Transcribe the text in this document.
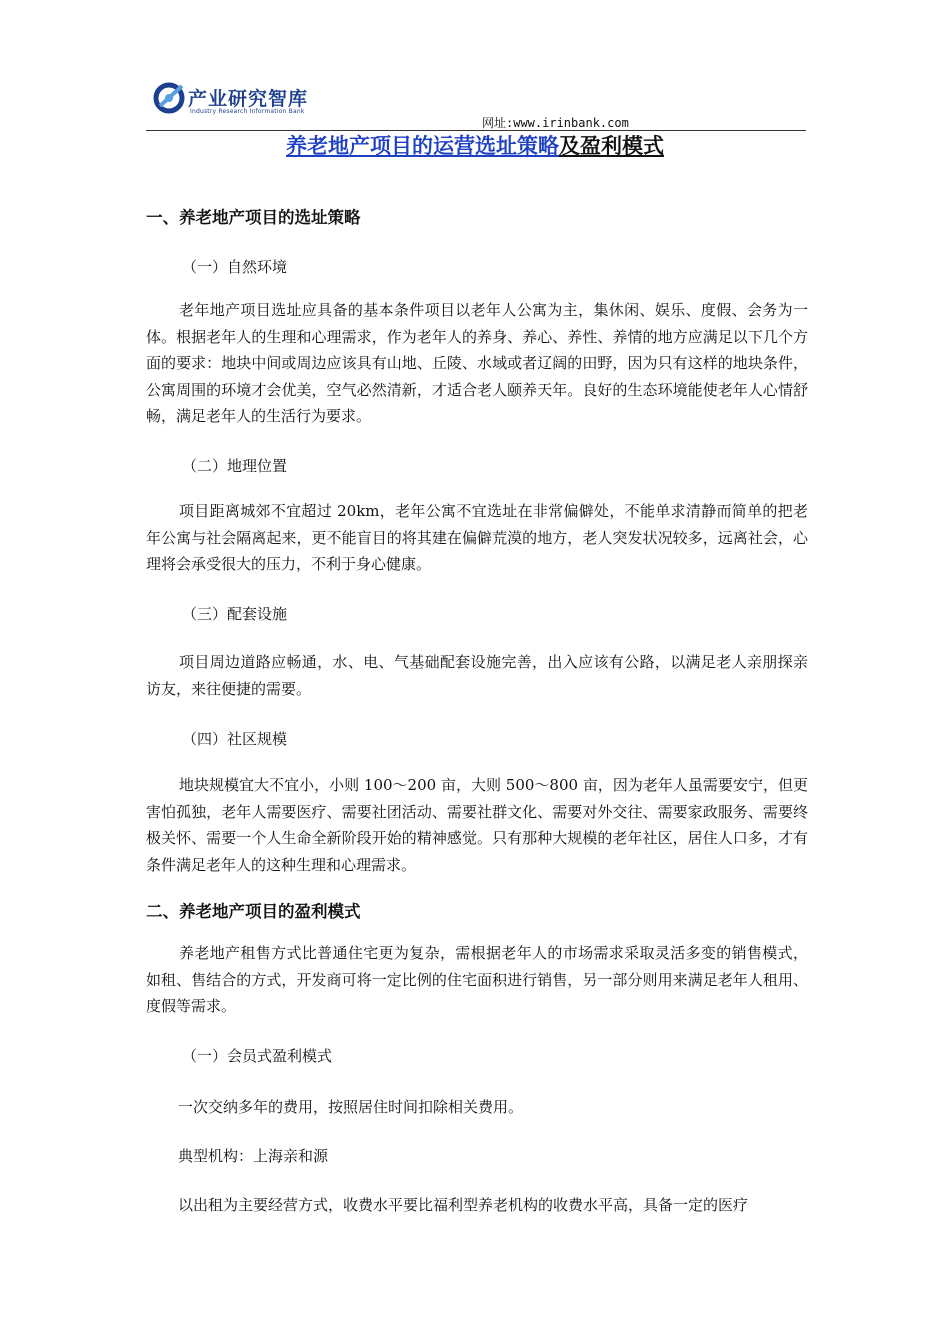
产业研究智库
Industry Research Information Bank
网址:www.irinbank.com
养老地产项目的运营选址策略及盈利模式
一、养老地产项目的选址策略
（一）自然环境

老年地产项目选址应具备的基本条件项目以老年人公寓为主，集休闲、娱乐、度假、会务为一体。根据老年人的生理和心理需求，作为老年人的养身、养心、养性、养情的地方应满足以下几个方面的要求：地块中间或周边应该具有山地、丘陵、水域或者辽阔的田野，因为只有这样的地块条件，公寓周围的环境才会优美，空气必然清新，才适合老人颐养天年。良好的生态环境能使老年人心情舒畅，满足老年人的生活行为要求。

（二）地理位置

项目距离城郊不宜超过 20km，老年公寓不宜选址在非常偏僻处，不能单求清静而简单的把老年公寓与社会隔离起来，更不能盲目的将其建在偏僻荒漠的地方，老人突发状况较多，远离社会，心理将会承受很大的压力，不利于身心健康。

（三）配套设施

项目周边道路应畅通，水、电、气基础配套设施完善，出入应该有公路，以满足老人亲朋探亲访友，来往便捷的需要。

（四）社区规模

地块规模宜大不宜小，小则 100～200 亩，大则 500～800 亩，因为老年人虽需要安宁，但更害怕孤独，老年人需要医疗、需要社团活动、需要社群文化、需要对外交往、需要家政服务、需要终极关怀、需要一个人生命全新阶段开始的精神感觉。只有那种大规模的老年社区，居住人口多，才有条件满足老年人的这种生理和心理需求。

二、养老地产项目的盈利模式

养老地产租售方式比普通住宅更为复杂，需根据老年人的市场需求采取灵活多变的销售模式，如租、售结合的方式，开发商可将一定比例的住宅面积进行销售，另一部分则用来满足老年人租用、度假等需求。

（一）会员式盈利模式
一次交纳多年的费用，按照居住时间扣除相关费用。
典型机构：上海亲和源
以出租为主要经营方式，收费水平要比福利型养老机构的收费水平高，具备一定的医疗
